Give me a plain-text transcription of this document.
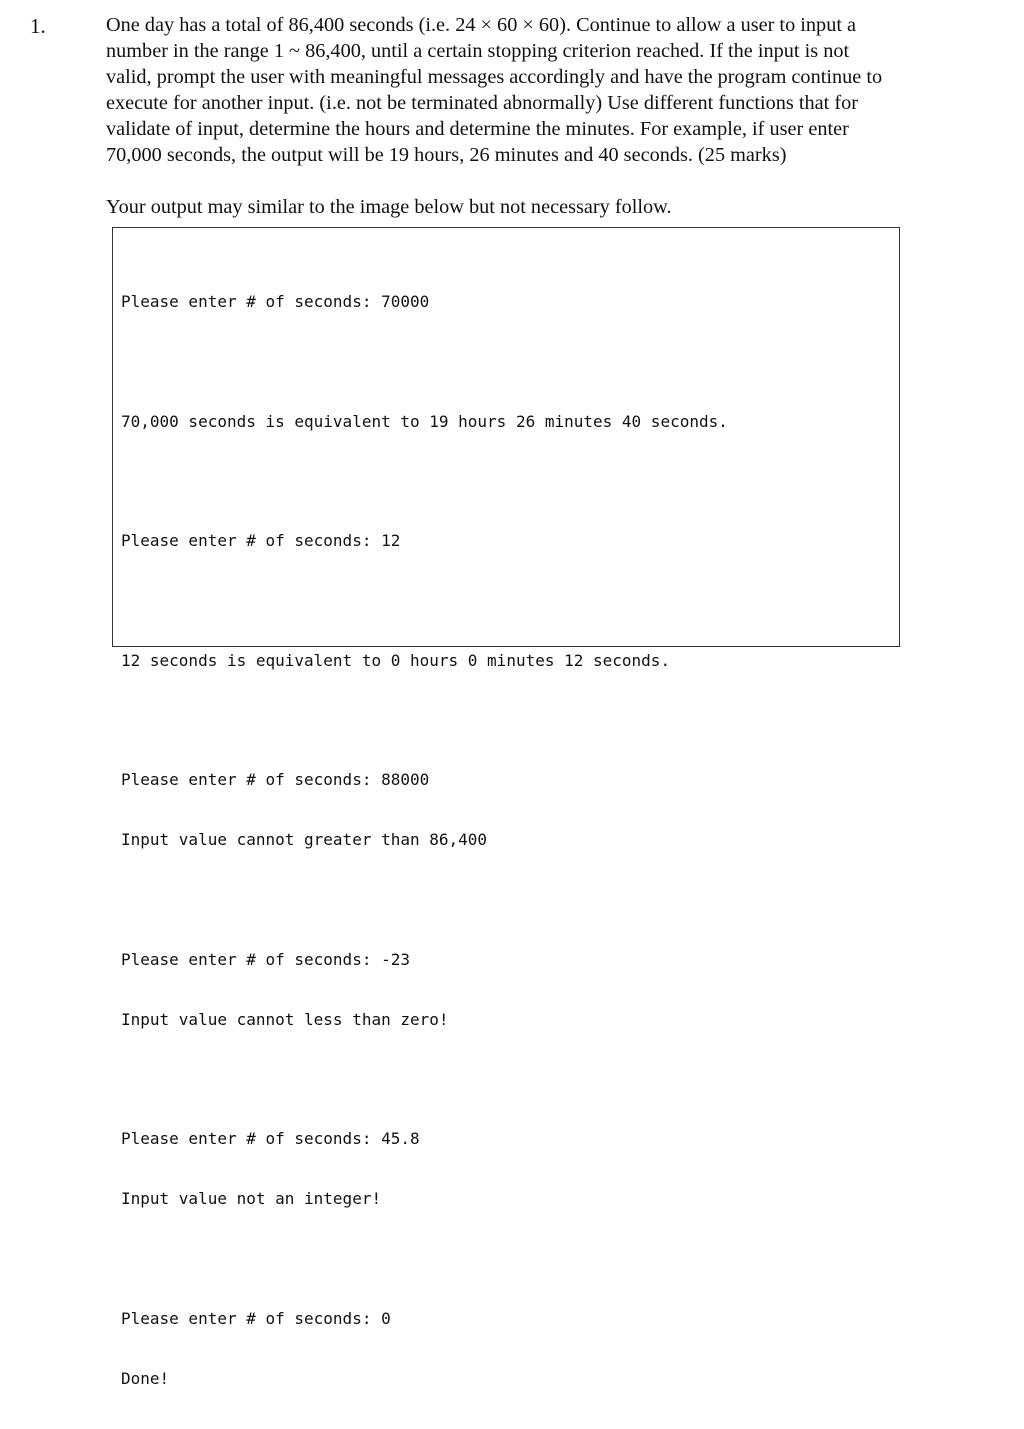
1.	One day has a total of 86,400 seconds (i.e. 24 × 60 × 60). Continue to allow a user to input a
number in the range 1 ~ 86,400, until a certain stopping criterion reached. If the input is not
valid, prompt the user with meaningful messages accordingly and have the program continue to
execute for another input. (i.e. not be terminated abnormally) Use different functions that for
validate of input, determine the hours and determine the minutes. For example, if user enter
70,000 seconds, the output will be 19 hours, 26 minutes and 40 seconds. (25 marks)
Your output may similar to the image below but not necessary follow.

Please enter # of seconds: 70000

70,000 seconds is equivalent to 19 hours 26 minutes 40 seconds.

Please enter # of seconds: 12

12 seconds is equivalent to 0 hours 0 minutes 12 seconds.

Please enter # of seconds: 88000

Input value cannot greater than 86,400

Please enter # of seconds: -23

Input value cannot less than zero!

Please enter # of seconds: 45.8

Input value not an integer!

Please enter # of seconds: 0

Done!
